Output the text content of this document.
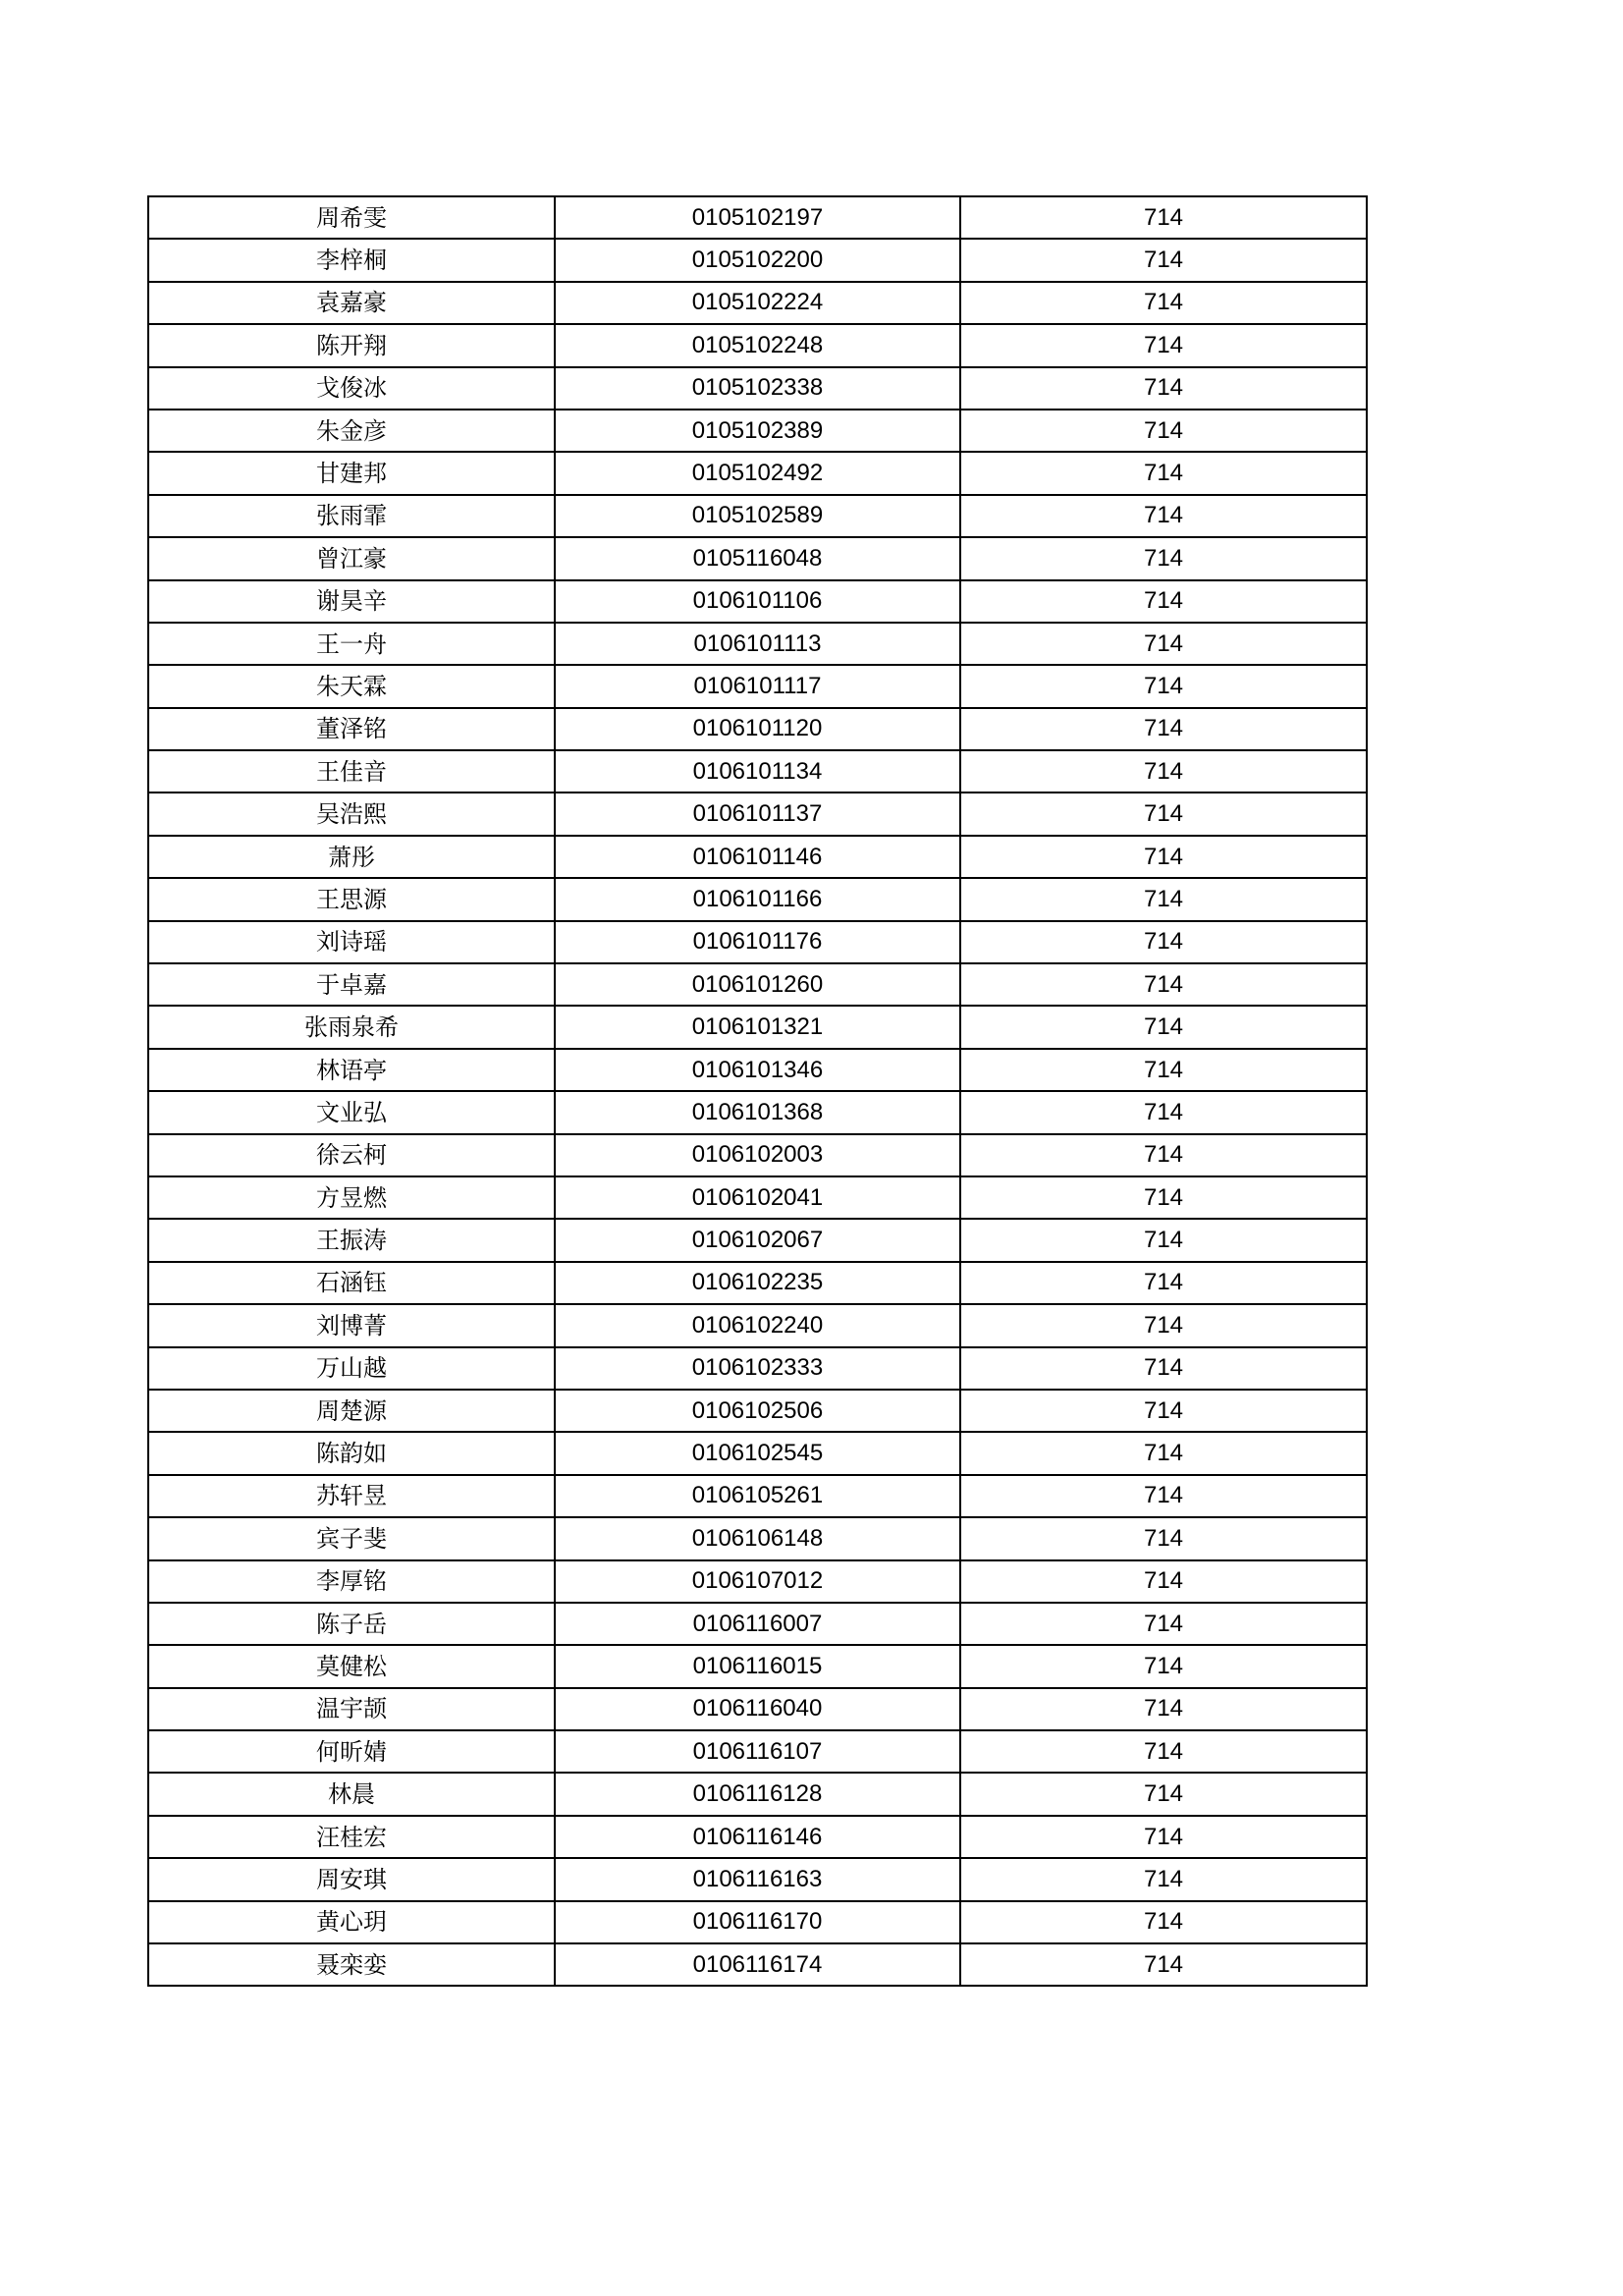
周希雯	0105102197	714
李梓桐	0105102200	714
袁嘉豪	0105102224	714
陈开翔	0105102248	714
戈俊冰	0105102338	714
朱金彦	0105102389	714
甘建邦	0105102492	714
张雨霏	0105102589	714
曾江豪	0105116048	714
谢昊辛	0106101106	714
王一舟	0106101113	714
朱天霖	0106101117	714
董泽铭	0106101120	714
王佳音	0106101134	714
吴浩熙	0106101137	714
萧彤	0106101146	714
王思源	0106101166	714
刘诗瑶	0106101176	714
于卓嘉	0106101260	714
张雨泉希	0106101321	714
林语亭	0106101346	714
文业弘	0106101368	714
徐云柯	0106102003	714
方昱燃	0106102041	714
王振涛	0106102067	714
石涵钰	0106102235	714
刘博菁	0106102240	714
万山越	0106102333	714
周楚源	0106102506	714
陈韵如	0106102545	714
苏轩昱	0106105261	714
宾子斐	0106106148	714
李厚铭	0106107012	714
陈子岳	0106116007	714
莫健松	0106116015	714
温宇颉	0106116040	714
何昕婧	0106116107	714
林晨	0106116128	714
汪桂宏	0106116146	714
周安琪	0106116163	714
黄心玥	0106116170	714
聂栾娈	0106116174	714
